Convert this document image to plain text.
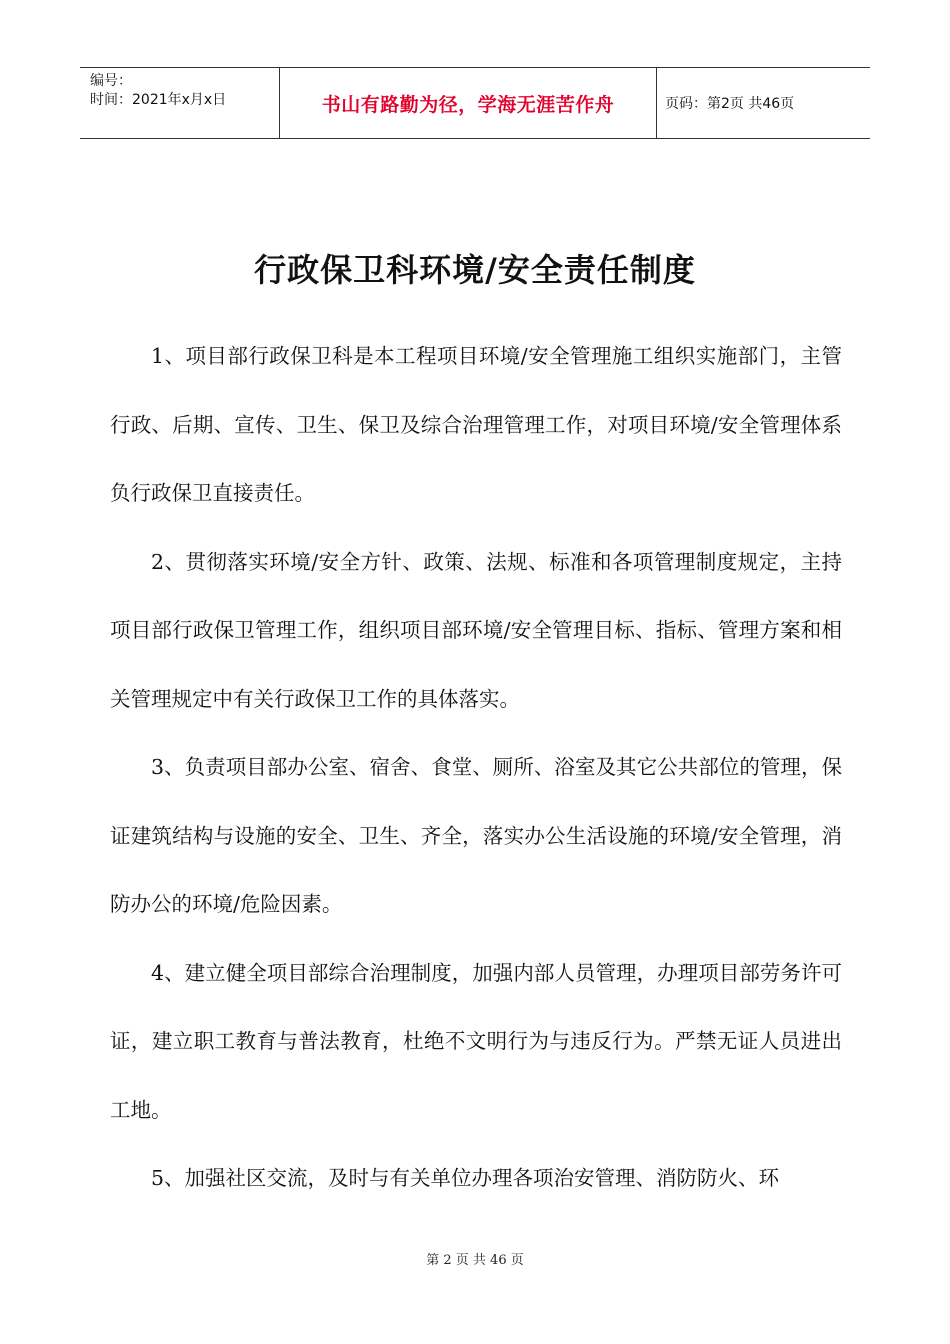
编号：
时间：2021年x月x日	书山有路勤为径，学海无涯苦作舟	页码：第2页 共46页
行政保卫科环境/安全责任制度

1、项目部行政保卫科是本工程项目环境/安全管理施工组织实施部门，主管行政、后期、宣传、卫生、保卫及综合治理管理工作，对项目环境/安全管理体系负行政保卫直接责任。

2、贯彻落实环境/安全方针、政策、法规、标准和各项管理制度规定，主持项目部行政保卫管理工作，组织项目部环境/安全管理目标、指标、管理方案和相关管理规定中有关行政保卫工作的具体落实。

3、负责项目部办公室、宿舍、食堂、厕所、浴室及其它公共部位的管理，保证建筑结构与设施的安全、卫生、齐全，落实办公生活设施的环境/安全管理，消防办公的环境/危险因素。

4、建立健全项目部综合治理制度，加强内部人员管理，办理项目部劳务许可证，建立职工教育与普法教育，杜绝不文明行为与违反行为。严禁无证人员进出工地。

5、加强社区交流，及时与有关单位办理各项治安管理、消防防火、环

第 2 页 共 46 页
